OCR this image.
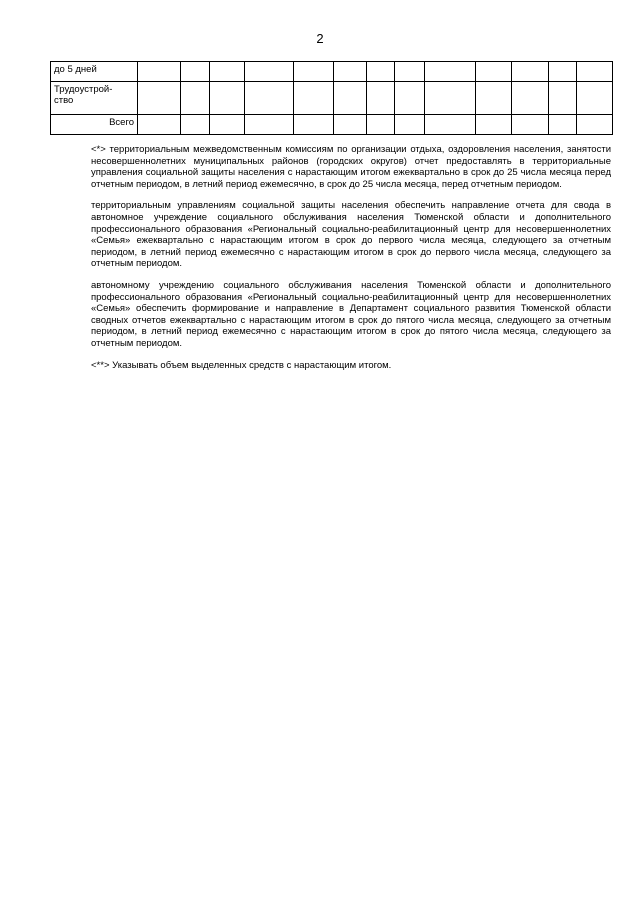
2
до 5 дней													
Трудоустрой-
ство													
Всего													

<*> территориальным межведомственным комиссиям по организации отдыха, оздоровления населения, занятости несовершеннолетних муниципальных районов (городских округов) отчет предоставлять в территориальные управления социальной защиты населения с нарастающим итогом ежеквартально в срок до 25 числа месяца перед отчетным периодом, в летний период ежемесячно, в срок до 25 числа месяца, перед отчетным периодом.

территориальным управлениям социальной защиты населения обеспечить направление отчета для свода в автономное учреждение социального обслуживания населения Тюменской области и дополнительного профессионального образования «Региональный социально-реабилитационный центр для несовершеннолетних «Семья» ежеквартально с нарастающим итогом в срок до первого числа месяца, следующего за отчетным периодом, в летний период ежемесячно с нарастающим итогом в срок до первого числа месяца, следующего за отчетным периодом.

автономному учреждению социального обслуживания населения Тюменской области и дополнительного профессионального образования «Региональный социально-реабилитационный центр для несовершеннолетних «Семья» обеспечить формирование и направление в Департамент социального развития Тюменской области сводных отчетов ежеквартально с нарастающим итогом в срок до пятого числа месяца, следующего за отчетным периодом, в летний период ежемесячно с нарастающим итогом в срок до пятого числа месяца, следующего за отчетным периодом.

<**> Указывать объем выделенных средств с нарастающим итогом.
